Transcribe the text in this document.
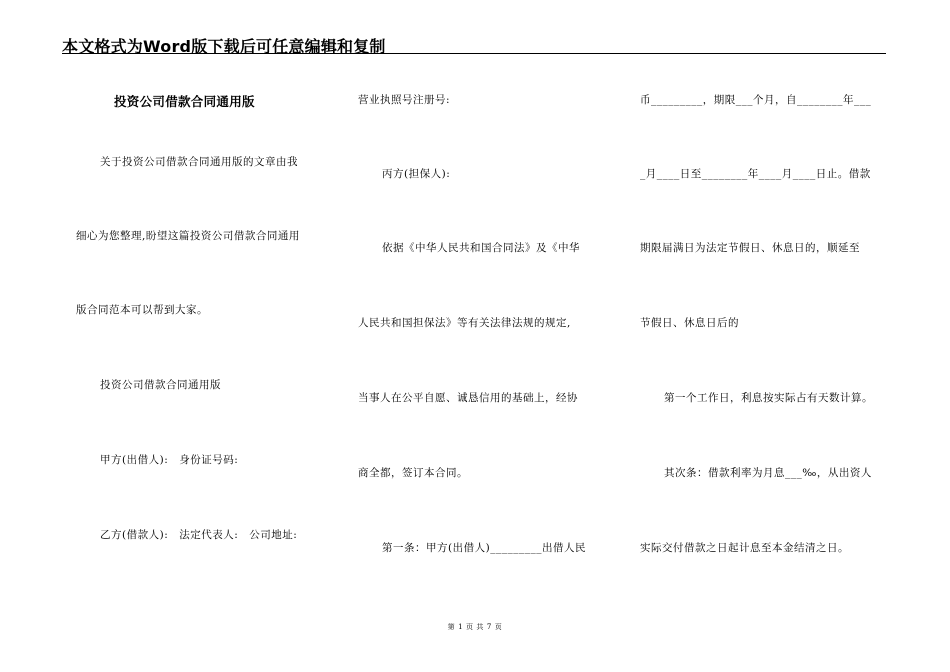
本文格式为Word版下载后可任意编辑和复制
投资公司借款合同通用版
关于投资公司借款合同通用版的文章由我
细心为您整理,盼望这篇投资公司借款合同通用
版合同范本可以帮到大家。
投资公司借款合同通用版
甲方(出借人):　身份证号码:
乙方(借款人):　法定代表人:　公司地址:
营业执照号注册号:
丙方(担保人):
依据《中华人民共和国合同法》及《中华
人民共和国担保法》等有关法律法规的规定,
当事人在公平自愿、诚恳信用的基础上，经协
商全都，签订本合同。
第一条：甲方(出借人)_________出借人民
币_________，期限___个月，自________年___
_月____日至________年____月____日止。借款
期限届满日为法定节假日、休息日的，顺延至
节假日、休息日后的
第一个工作日，利息按实际占有天数计算。
其次条：借款利率为月息___‰，从出资人
实际交付借款之日起计息至本金结清之日。
第 1 页 共 7 页
